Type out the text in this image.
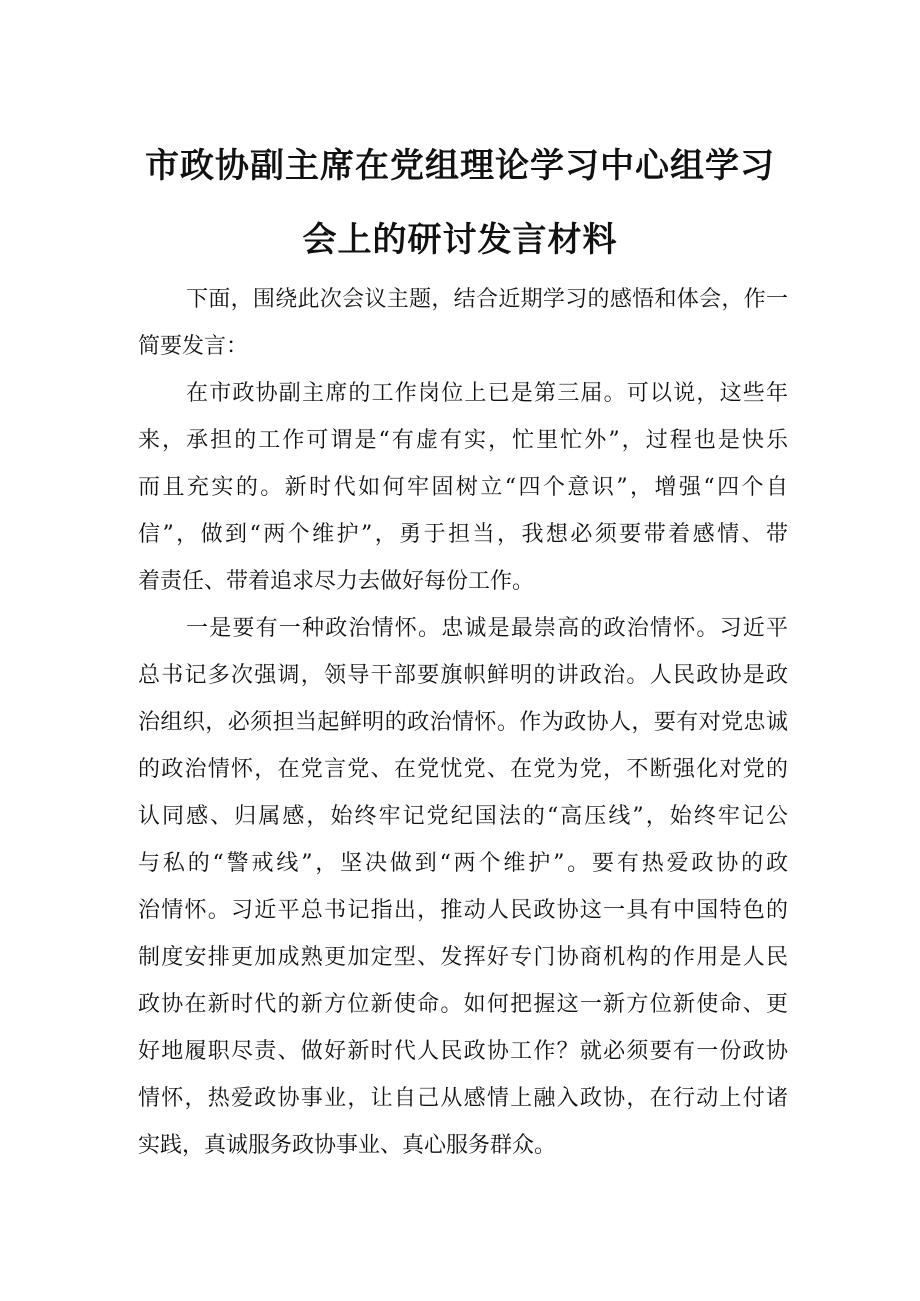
市政协副主席在党组理论学习中心组学习
会上的研讨发言材料
下面，围绕此次会议主题，结合近期学习的感悟和体会，作一
简要发言：
在市政协副主席的工作岗位上已是第三届。可以说，这些年
来，承担的工作可谓是“有虚有实，忙里忙外”，过程也是快乐
而且充实的。新时代如何牢固树立“四个意识”，增强“四个自
信”，做到“两个维护”，勇于担当，我想必须要带着感情、带
着责任、带着追求尽力去做好每份工作。
一是要有一种政治情怀。忠诚是最崇高的政治情怀。习近平
总书记多次强调，领导干部要旗帜鲜明的讲政治。人民政协是政
治组织，必须担当起鲜明的政治情怀。作为政协人，要有对党忠诚
的政治情怀，在党言党、在党忧党、在党为党，不断强化对党的
认同感、归属感，始终牢记党纪国法的“高压线”，始终牢记公
与私的“警戒线”，坚决做到“两个维护”。要有热爱政协的政
治情怀。习近平总书记指出，推动人民政协这一具有中国特色的
制度安排更加成熟更加定型、发挥好专门协商机构的作用是人民
政协在新时代的新方位新使命。如何把握这一新方位新使命、更
好地履职尽责、做好新时代人民政协工作？就必须要有一份政协
情怀，热爱政协事业，让自己从感情上融入政协，在行动上付诸
实践，真诚服务政协事业、真心服务群众。
